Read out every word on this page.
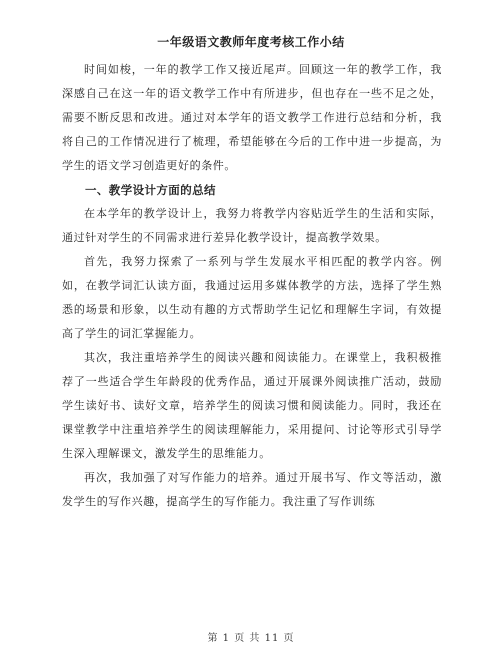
一年级语文教师年度考核工作小结

时间如梭，一年的教学工作又接近尾声。回顾这一年的教学工作，我深感自己在这一年的语文教学工作中有所进步，但也存在一些不足之处，需要不断反思和改进。通过对本学年的语文教学工作进行总结和分析，我将自己的工作情况进行了梳理，希望能够在今后的工作中进一步提高，为学生的语文学习创造更好的条件。

一、教学设计方面的总结

在本学年的教学设计上，我努力将教学内容贴近学生的生活和实际，通过针对学生的不同需求进行差异化教学设计，提高教学效果。

首先，我努力探索了一系列与学生发展水平相匹配的教学内容。例如，在教学词汇认读方面，我通过运用多媒体教学的方法，选择了学生熟悉的场景和形象，以生动有趣的方式帮助学生记忆和理解生字词，有效提高了学生的词汇掌握能力。

其次，我注重培养学生的阅读兴趣和阅读能力。在课堂上，我积极推荐了一些适合学生年龄段的优秀作品，通过开展课外阅读推广活动，鼓励学生读好书、读好文章，培养学生的阅读习惯和阅读能力。同时，我还在课堂教学中注重培养学生的阅读理解能力，采用提问、讨论等形式引导学生深入理解课文，激发学生的思维能力。

再次，我加强了对写作能力的培养。通过开展书写、作文等活动，激发学生的写作兴趣，提高学生的写作能力。我注重了写作训练

第 1 页 共 11 页
